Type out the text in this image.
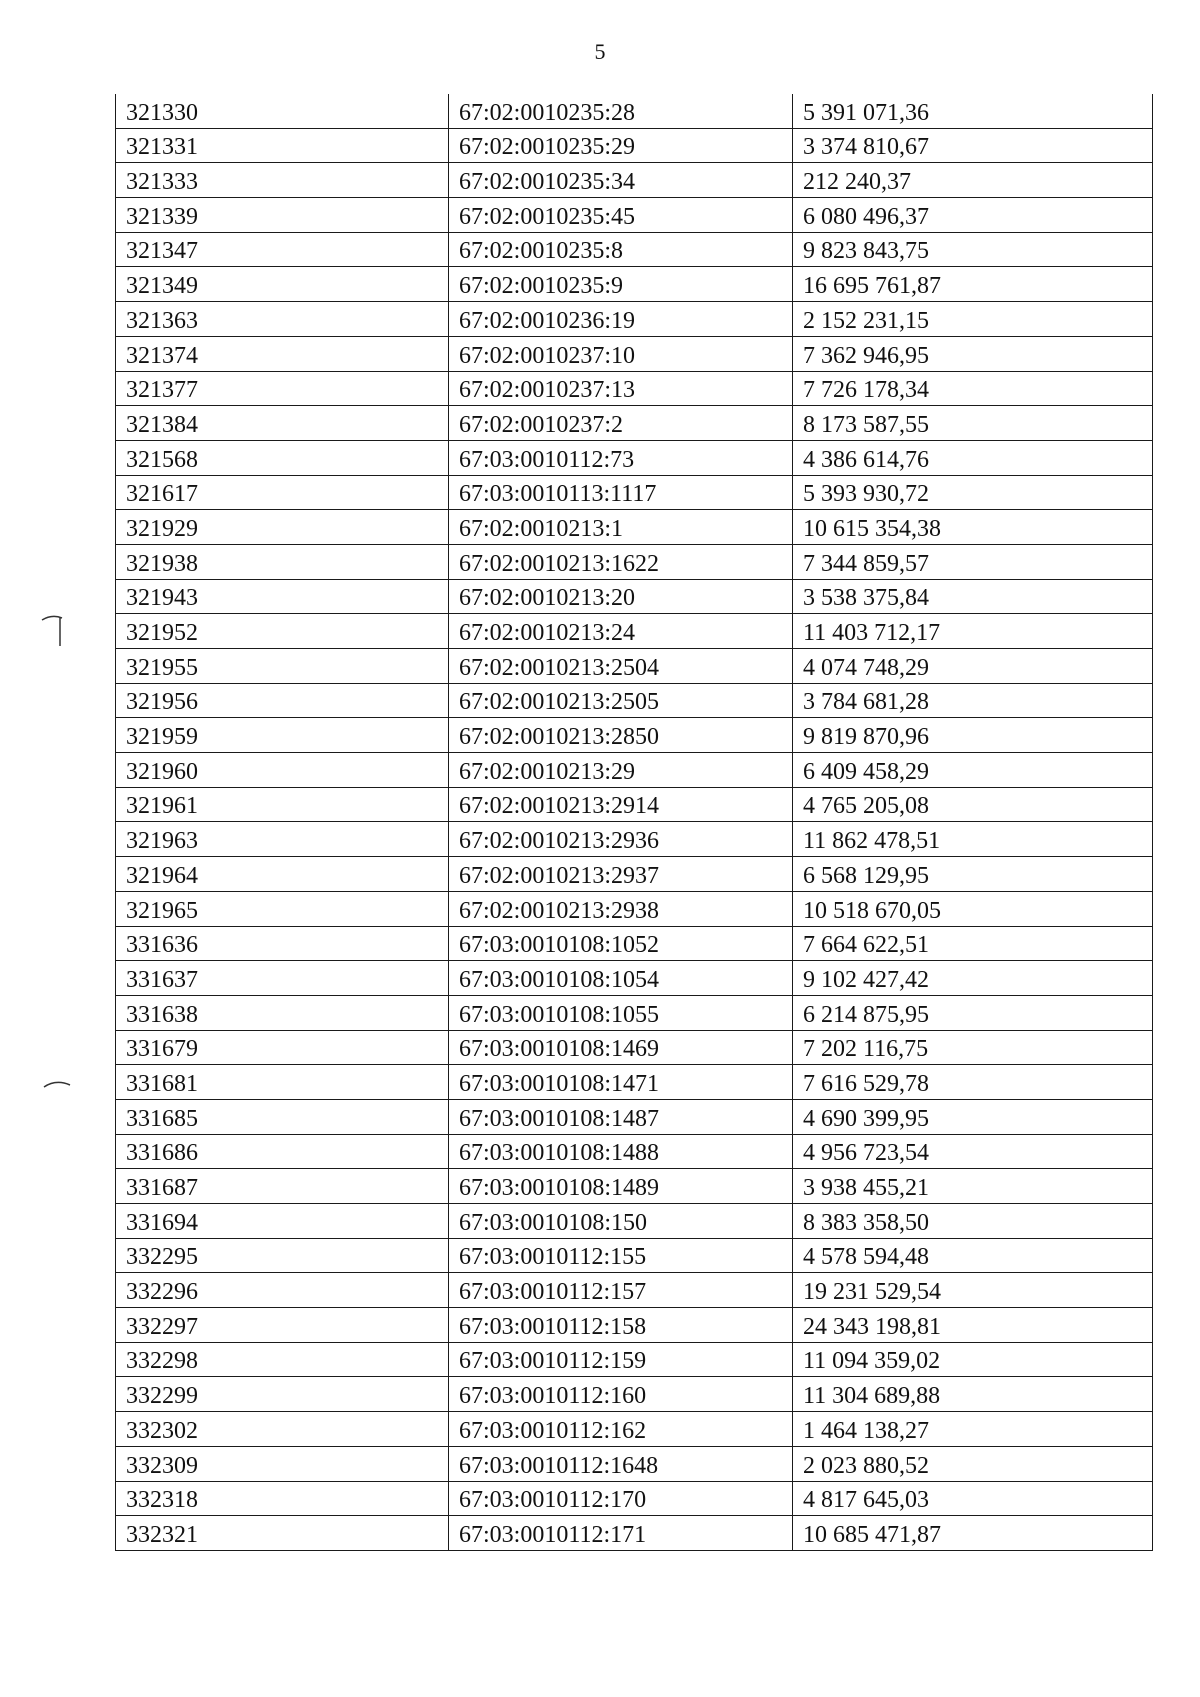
5
321330	67:02:0010235:28	5 391 071,36
321331	67:02:0010235:29	3 374 810,67
321333	67:02:0010235:34	212 240,37
321339	67:02:0010235:45	6 080 496,37
321347	67:02:0010235:8	9 823 843,75
321349	67:02:0010235:9	16 695 761,87
321363	67:02:0010236:19	2 152 231,15
321374	67:02:0010237:10	7 362 946,95
321377	67:02:0010237:13	7 726 178,34
321384	67:02:0010237:2	8 173 587,55
321568	67:03:0010112:73	4 386 614,76
321617	67:03:0010113:1117	5 393 930,72
321929	67:02:0010213:1	10 615 354,38
321938	67:02:0010213:1622	7 344 859,57
321943	67:02:0010213:20	3 538 375,84
321952	67:02:0010213:24	11 403 712,17
321955	67:02:0010213:2504	4 074 748,29
321956	67:02:0010213:2505	3 784 681,28
321959	67:02:0010213:2850	9 819 870,96
321960	67:02:0010213:29	6 409 458,29
321961	67:02:0010213:2914	4 765 205,08
321963	67:02:0010213:2936	11 862 478,51
321964	67:02:0010213:2937	6 568 129,95
321965	67:02:0010213:2938	10 518 670,05
331636	67:03:0010108:1052	7 664 622,51
331637	67:03:0010108:1054	9 102 427,42
331638	67:03:0010108:1055	6 214 875,95
331679	67:03:0010108:1469	7 202 116,75
331681	67:03:0010108:1471	7 616 529,78
331685	67:03:0010108:1487	4 690 399,95
331686	67:03:0010108:1488	4 956 723,54
331687	67:03:0010108:1489	3 938 455,21
331694	67:03:0010108:150	8 383 358,50
332295	67:03:0010112:155	4 578 594,48
332296	67:03:0010112:157	19 231 529,54
332297	67:03:0010112:158	24 343 198,81
332298	67:03:0010112:159	11 094 359,02
332299	67:03:0010112:160	11 304 689,88
332302	67:03:0010112:162	1 464 138,27
332309	67:03:0010112:1648	2 023 880,52
332318	67:03:0010112:170	4 817 645,03
332321	67:03:0010112:171	10 685 471,87
